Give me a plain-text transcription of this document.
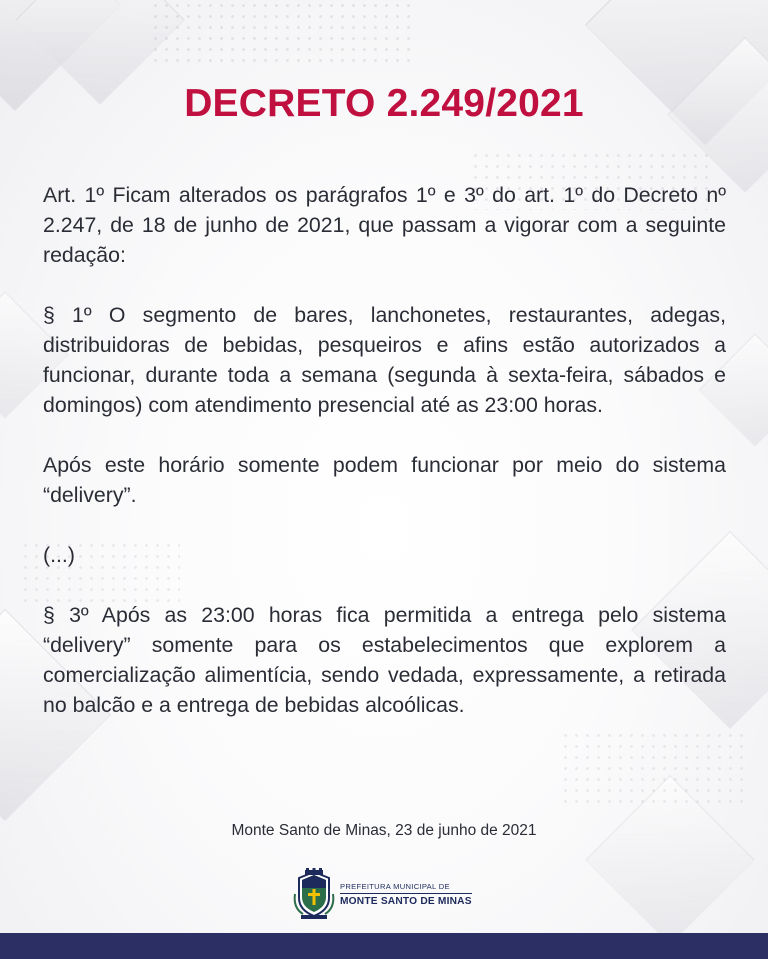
DECRETO 2.249/2021

Art. 1º Ficam alterados os parágrafos 1º e 3º do art. 1º do Decreto nº 2.247, de 18 de junho de 2021, que passam a vigorar com a seguinte redação:

§ 1º O segmento de bares, lanchonetes, restaurantes, adegas, distribuidoras de bebidas, pesqueiros e afins estão autorizados a funcionar, durante toda a semana (segunda à sexta-feira, sábados e domingos) com atendimento presencial até as 23:00 horas.

Após este horário somente podem funcionar por meio do sistema “delivery”.

(...)

§ 3º Após as 23:00 horas fica permitida a entrega pelo sistema “delivery” somente para os estabelecimentos que explorem a comercialização alimentícia, sendo vedada, expressamente, a retirada no balcão e a entrega de bebidas alcoólicas.

Monte Santo de Minas, 23 de junho de 2021
PREFEITURA MUNICIPAL DE
MONTE SANTO DE MINAS
